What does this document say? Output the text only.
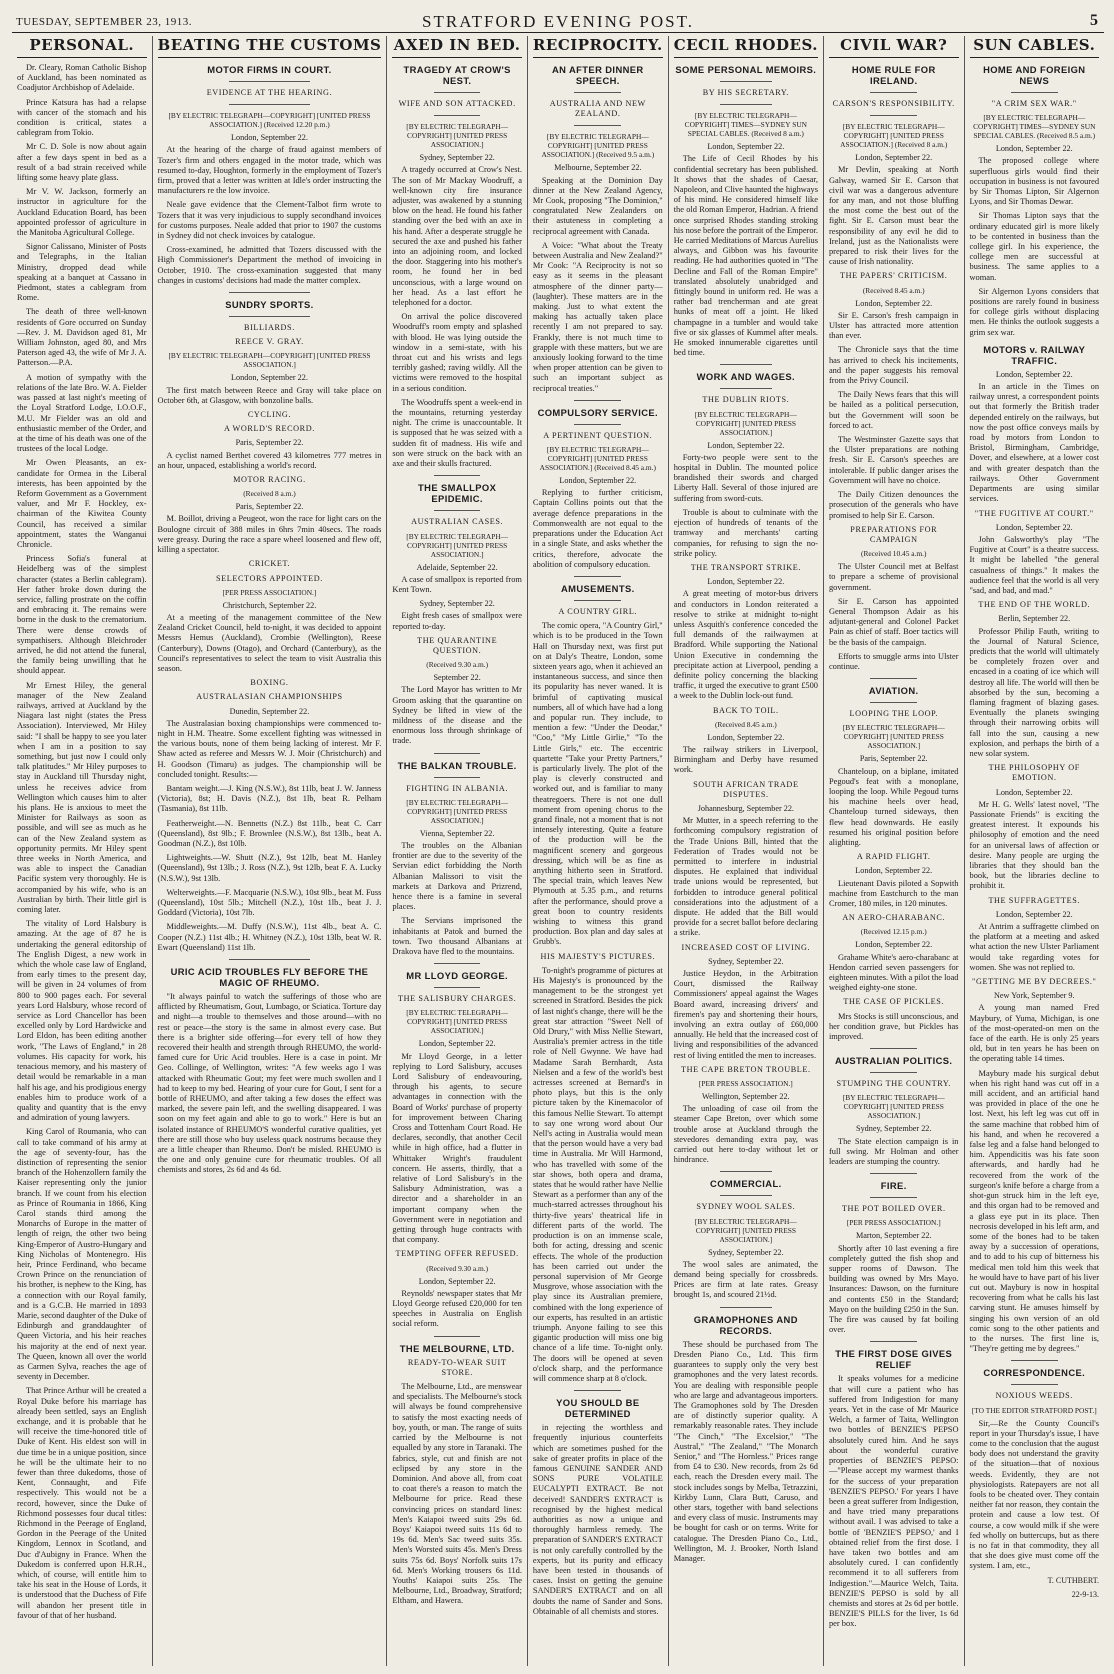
TUESDAY, SEPTEMBER 23, 1913.	STRATFORD EVENING POST.	5
PERSONAL.

Dr. Cleary, Roman Catholic Bishop of Auckland, has been nominated as Coadjutor Archbishop of Adelaide.

Prince Katsura has had a relapse with cancer of the stomach and his condition is critical, states a cablegram from Tokio.

Mr C. D. Sole is now about again after a few days spent in bed as a result of a bad strain received while lifting some heavy plate glass.

Mr V. W. Jackson, formerly an instructor in agriculture for the Auckland Education Board, has been appointed professor of agriculture in the Manitoba Agricultural College.

Signor Calissano, Minister of Posts and Telegraphs, in the Italian Ministry, dropped dead while speaking at a banquet at Cassano in Piedmont, states a cablegram from Rome.

The death of three well-known residents of Gore occurred on Sunday —Rev. J. M. Davidson aged 81, Mr William Johnston, aged 80, and Mrs Paterson aged 43, the wife of Mr J. A. Patterson.—P.A.

A motion of sympathy with the relations of the late Bro. W. A. Fielder was passed at last night's meeting of the Loyal Stratford Lodge, I.O.O.F., M.U. Mr Fielder was an old and enthusiastic member of the Order, and at the time of his death was one of the trustees of the local Lodge.

Mr Owen Pleasants, an ex-candidate for Ormea in the Liberal interests, has been appointed by the Reform Government as a Government valuer, and Mr F. Hockley, ex-chairman of the Kiwitea County Council, has received a similar appointment, states the Wanganui Chronicle.

Princess Sofia's funeral at Heidelberg was of the simplest character (states a Berlin cablegram). Her father broke down during the service, falling prostrate on the coffin and embracing it. The remains were borne in the dusk to the crematorium. There were dense crowds of sympathisers. Although Bleichroder arrived, he did not attend the funeral, the family being unwilling that he should appear.

Mr Ernest Hiley, the general manager of the New Zealand railways, arrived at Auckland by the Niagara last night (states the Press Association). Interviewed, Mr Hiley said: "I shall be happy to see you later when I am in a position to say something, but just now I could only talk platitudes." Mr Hiley purposes to stay in Auckland till Thursday night, unless he receives advice from Wellington which causes him to alter his plans. He is anxious to meet the Minister for Railways as soon as possible, and will see as much as he can of the New Zealand system as opportunity permits. Mr Hiley spent three weeks in North America, and was able to inspect the Canadian Pacific system very thoroughly. He is accompanied by his wife, who is an Australian by birth. Their little girl is coming later.

The vitality of Lord Halsbury is amazing. At the age of 87 he is undertaking the general editorship of The English Digest, a new work in which the whole case law of England, from early times to the present day, will be given in 24 volumes of from 800 to 900 pages each. For several years Lord Halsbury, whose record of service as Lord Chancellor has been excelled only by Lord Hardwicke and Lord Eldon, has been editing another work, "The Laws of England," in 28 volumes. His capacity for work, his tenacious memory, and his mastery of detail would be remarkable in a man half his age, and his prodigious energy enables him to produce work of a quality and quantity that is the envy and admiration of young lawyers.

King Carol of Roumania, who can call to take command of his army at the age of seventy-four, has the distinction of representing the senior branch of the Hohenzollern family the Kaiser representing only the junior branch. If we count from his election as Prince of Roumania in 1866, King Carol stands third among the Monarchs of Europe in the matter of length of reign, the other two being King-Emperor of Austro-Hungary and King Nicholas of Montenegro. His heir, Prince Ferdinand, who became Crown Prince on the renunciation of his brother, is nephew to the King, has a connection with our Royal family, and is a G.C.B. He married in 1893 Marie, second daughter of the Duke of Edinburgh and granddaughter of Queen Victoria, and his heir reaches his majority at the end of next year. The Queen, known all over the world as Carmen Sylva, reaches the age of seventy in December.

That Prince Arthur will be created a Royal Duke before his marriage has already been settled, says an English exchange, and it is probable that he will receive the time-honored title of Duke of Kent. His eldest son will in due time be in a unique position, since he will be the ultimate heir to no fewer than three dukedoms, those of Kent, Connaught, and Fife respectively. This would not be a record, however, since the Duke of Richmond possesses four ducal titles: Richmond in the Peerage of England, Gordon in the Peerage of the United Kingdom, Lennox in Scotland, and Duc d'Aubigny in France. When the Dukedom is conferred upon H.R.H., which, of course, will entitle him to take his seat in the House of Lords, it is understood that the Duchess of Fife will abandon her present title in favour of that of her husband.

BEATING THE CUSTOMS
MOTOR FIRMS IN COURT.
EVIDENCE AT THE HEARING.
[BY ELECTRIC TELEGRAPH—COPYRIGHT] [UNITED PRESS ASSOCIATION.] (Received 12.20 p.m.)
London, September 22.

At the hearing of the charge of fraud against members of Tozer's firm and others engaged in the motor trade, which was resumed to-day, Houghton, formerly in the employment of Tozer's firm, proved that a letter was written at Idle's order instructing the manufacturers re the low invoice.

Neale gave evidence that the Clement-Talbot firm wrote to Tozers that it was very injudicious to supply secondhand invoices for customs purposes. Neale added that prior to 1907 the customs in Sydney did not check invoices by catalogue.

Cross-examined, he admitted that Tozers discussed with the High Commissioner's Department the method of invoicing in October, 1910. The cross-examination suggested that many changes in customs' decisions had made the matter complex.

SUNDRY SPORTS.
BILLIARDS.
REECE V. GRAY.
[BY ELECTRIC TELEGRAPH—COPYRIGHT] [UNITED PRESS ASSOCIATION.]
London, September 22.

The first match between Reece and Gray will take place on October 6th, at Glasgow, with bonzoline balls.

CYCLING.
A WORLD'S RECORD.
Paris, September 22.

A cyclist named Berthet covered 43 kilometres 777 metres in an hour, unpaced, establishing a world's record.

MOTOR RACING.
(Received 8 a.m.)
Paris, September 22.

M. Boillot, driving a Peugeot, won the race for light cars on the Boulogne circuit of 388 miles in 6hrs 7min 40secs. The roads were greasy. During the race a spare wheel loosened and flew off, killing a spectator.

CRICKET.
SELECTORS APPOINTED.
[PER PRESS ASSOCIATION.]
Christchurch, September 22.

At a meeting of the management committee of the New Zealand Cricket Council, held to-night, it was decided to appoint Messrs Hemus (Auckland), Crombie (Wellington), Reese (Canterbury), Downs (Otago), and Orchard (Canterbury), as the Council's representatives to select the team to visit Australia this season.

BOXING.
AUSTRALASIAN CHAMPIONSHIPS
Dunedin, September 22.

The Australasian boxing championships were commenced to-night in H.M. Theatre. Some excellent fighting was witnessed in the various bouts, none of them being lacking of interest. Mr F. Shaw acted as referee and Messrs W. J. Moir (Christchurch) and H. Goodson (Timaru) as judges. The championship will be concluded tonight. Results:—

Bantam weight.—J. King (N.S.W.), 8st 11lb, beat J. W. Janness (Victoria), 8st; H. Davis (N.Z.), 8st 1lb, beat R. Pelham (Tasmania), 8st 11lb.

Featherweight.—N. Bennetts (N.Z.) 8st 11lb., beat C. Carr (Queensland), 8st 9lb.; F. Brownlee (N.S.W.), 8st 13lb., beat A. Goodman (N.Z.), 8st 10lb.

Lightweights.—W. Shutt (N.Z.), 9st 12lb, beat M. Hanley (Queensland), 9st 13lb.; J. Ross (N.Z.), 9st 12lb, beat F. A. Lucky (N.S.W.), 9st 13lb.

Welterweights.—F. Macquarie (N.S.W.), 10st 9lb., beat M. Fuss (Queensland), 10st 5lb.; Mitchell (N.Z.), 10st 1lb., beat J. J. Goddard (Victoria), 10st 7lb.

Middleweights.—M. Duffy (N.S.W.), 11st 4lb., beat A. C. Cooper (N.Z.) 11st 4lb.; H. Whitney (N.Z.), 10st 13lb, beat W. R. Ewart (Queensland) 11st 1lb.

URIC ACID TROUBLES FLY BEFORE THE MAGIC OF RHEUMO.

"It always painful to watch the sufferings of those who are afflicted by Rheumatism, Gout, Lumbago, or Sciatica. Torture day and night—a trouble to themselves and those around—with no rest or peace—the story is the same in almost every case. But there is a brighter side offering—for every tell of how they recovered their health and strength through RHEUMO, the world-famed cure for Uric Acid troubles. Here is a case in point. Mr Geo. Collinge, of Wellington, writes: "A few weeks ago I was attacked with Rheumatic Gout; my feet were much swollen and I had to keep to my bed. Hearing of your cure for Gout, I sent for a bottle of RHEUMO, and after taking a few doses the effect was marked, the severe pain left, and the swelling disappeared. I was soon on my feet again and able to go to work." Here is but an isolated instance of RHEUMO'S wonderful curative qualities, yet there are still those who buy useless quack nostrums because they are a little cheaper than Rheumo. Don't be misled. RHEUMO is the one and only genuine cure for rheumatic troubles. Of all chemists and stores, 2s 6d and 4s 6d.

AXED IN BED.
TRAGEDY AT CROW'S NEST.
WIFE AND SON ATTACKED.
[BY ELECTRIC TELEGRAPH—COPYRIGHT] [UNITED PRESS ASSOCIATION.]
Sydney, September 22.

A tragedy occurred at Crow's Nest. The son of Mr Mackay Woodruff, a well-known city fire insurance adjuster, was awakened by a stunning blow on the head. He found his father standing over the bed with an axe in his hand. After a desperate struggle he secured the axe and pushed his father into an adjoining room, and locked the door. Staggering into his mother's room, he found her in bed unconscious, with a large wound on her head. As a last effort he telephoned for a doctor.

On arrival the police discovered Woodruff's room empty and splashed with blood. He was lying outside the window in a semi-state, with his throat cut and his wrists and legs terribly gashed; raving wildly. All the victims were removed to the hospital in a serious condition.

The Woodruffs spent a week-end in the mountains, returning yesterday night. The crime is unaccountable. It is supposed that he was seized with a sudden fit of madness. His wife and son were struck on the back with an axe and their skulls fractured.

THE SMALLPOX EPIDEMIC.
AUSTRALIAN CASES.
[BY ELECTRIC TELEGRAPH—COPYRIGHT] [UNITED PRESS ASSOCIATION.]
Adelaide, September 22.

A case of smallpox is reported from Kent Town.

Sydney, September 22.

Eight fresh cases of smallpox were reported to-day.

THE QUARANTINE QUESTION.
(Received 9.30 a.m.)
September 22.

The Lord Mayor has written to Mr Groom asking that the quarantine on Sydney be lifted in view of the mildness of the disease and the enormous loss through shrinkage of trade.

THE BALKAN TROUBLE.
FIGHTING IN ALBANIA.
[BY ELECTRIC TELEGRAPH—COPYRIGHT] [UNITED PRESS ASSOCIATION.]
Vienna, September 22.

The troubles on the Albanian frontier are due to the severity of the Servian edict forbidding the North Albanian Malissori to visit the markets at Darkova and Prizrend, hence there is a famine in several places.

The Servians imprisoned the inhabitants at Patok and burned the town. Two thousand Albanians at Drakova have fled to the mountains.

MR LLOYD GEORGE.
THE SALISBURY CHARGES.
[BY ELECTRIC TELEGRAPH—COPYRIGHT] [UNITED PRESS ASSOCIATION.]
London, September 22.

Mr Lloyd George, in a letter replying to Lord Salisbury, accuses Lord Salisbury of endeavouring, through his agents, to secure advantages in connection with the Board of Works' purchase of property for improvement between Charing Cross and Tottenham Court Road. He declares, secondly, that another Cecil while in high office, had a flutter in Whittaker Wright's fraudulent concern. He asserts, thirdly, that a relative of Lord Salisbury's in the Salisbury Administration, was a director and a shareholder in an important company when the Government were in negotiation and getting through huge contracts with that company.

TEMPTING OFFER REFUSED.
(Received 9.30 a.m.)
London, September 22.

Reynolds' newspaper states that Mr Lloyd George refused £20,000 for ten speeches in Australia on English social reform.

THE MELBOURNE, LTD.
READY-TO-WEAR SUIT STORE.

The Melbourne, Ltd., are menswear and specialists. The Melbourne's stock will always be found comprehensive to satisfy the most exacting needs of boy, youth, or man. The range of suits carried by the Melbourne is not equalled by any store in Taranaki. The fabrics, style, cut and finish are not eclipsed by any store in the Dominion. And above all, from coat to coat there's a reason to match the Melbourne for price. Read these convincing prices on standard lines: Men's Kaiapoi tweed suits 29s 6d. Boys' Kaiapoi tweed suits 11s 6d to 19s 6d. Men's Sac tweed suits 35s. Men's Worsted suits 45s. Men's Dress suits 75s 6d. Boys' Norfolk suits 17s 6d. Men's Working trousers 6s 11d. Youths' Kaiapoi suits 25s. The Melbourne, Ltd., Broadway, Stratford; Eltham, and Hawera.

RECIPROCITY.
AN AFTER DINNER SPEECH.
AUSTRALIA AND NEW ZEALAND.
[BY ELECTRIC TELEGRAPH—COPYRIGHT] [UNITED PRESS ASSOCIATION.] (Received 9.5 a.m.)
Melbourne, September 22.

Speaking at the Dominion Day dinner at the New Zealand Agency, Mr Cook, proposing "The Dominion," congratulated New Zealanders on their astuteness in completing a reciprocal agreement with Canada.

A Voice: "What about the Treaty between Australia and New Zealand?" Mr Cook: "A Reciprocity is not so easy as it seems in the pleasant atmosphere of the dinner party—(laughter). These matters are in the making. Just to what extent the making has actually taken place recently I am not prepared to say. Frankly, there is not much time to grapple with these matters, but we are anxiously looking forward to the time when proper attention can be given to such an important subject as reciprocal treaties."

COMPULSORY SERVICE.
A PERTINENT QUESTION.
[BY ELECTRIC TELEGRAPH—COPYRIGHT] [UNITED PRESS ASSOCIATION.] (Received 8.45 a.m.)
London, September 22.

Replying to further criticism, Captain Collins points out that the average defence preparations in the Commonwealth are not equal to the preparations under the Education Act in a single State, and asks whether the critics, therefore, advocate the abolition of compulsory education.

AMUSEMENTS.
A COUNTRY GIRL.

The comic opera, "A Country Girl," which is to be produced in the Town Hall on Thursday next, was first put on at Daly's Theatre, London, some sixteen years ago, when it achieved an instantaneous success, and since then its popularity has never waned. It is brimful of captivating musical numbers, all of which have had a long and popular run. They include, to mention a few: "Under the Deodar," "Coo," "My Little Girlie," "To the Little Girls," etc. The eccentric quartette "Take your Pretty Partners," is particularly lively. The plot of the play is cleverly constructed and worked out, and is familiar to many theatregoers. There is not one dull moment from opening chorus to the grand finale, not a moment that is not intensely interesting. Quite a feature of the production will be the magnificent scenery and gorgeous dressing, which will be as fine as anything hitherto seen in Stratford. The special train, which leaves New Plymouth at 5.35 p.m., and returns after the performance, should prove a great boon to country residents wishing to witness this grand production. Box plan and day sales at Grubb's.

HIS MAJESTY'S PICTURES.

To-night's programme of pictures at His Majesty's is pronounced by the management to be the strongest yet screened in Stratford. Besides the pick of last night's change, there will be the great star attraction "Sweet Nell of Old Drury," with Miss Nellie Stewart, Australia's premier actress in the title role of Nell Gwynne. We have had Madame Sarah Bernhardt, Asta Nielsen and a few of the world's best actresses screened at Bernard's in photo plays, but this is the only picture taken by the Kinemacolor of this famous Nellie Stewart. To attempt to say one wrong word about Our Nell's acting in Australia would mean that the person would have a very bad time in Australia. Mr Will Harmond, who has travelled with some of the star shows, both opera and drama, states that he would rather have Nellie Stewart as a performer than any of the much-starred actresses throughout his thirty-five years' theatrical life in different parts of the world. The production is on an immense scale, both for acting, dressing and scenic effects. The whole of the production has been carried out under the personal supervision of Mr George Musgrove, whose association with the play since its Australian premiere, combined with the long experience of our experts, has resulted in an artistic triumph. Anyone failing to see this gigantic production will miss one big chance of a life time. To-night only. The doors will be opened at seven o'clock sharp, and the performance will commence sharp at 8 o'clock.

YOU SHOULD BE DETERMINED

in rejecting the worthless and frequently injurious counterfeits which are sometimes pushed for the sake of greater profits in place of the famous GENUINE SANDER AND SONS PURE VOLATILE EUCALYPTI EXTRACT. Be not deceived! SANDER'S EXTRACT is recognised by the highest medical authorities as now a unique and thoroughly harmless remedy. The preparation of SANDER'S EXTRACT is not only carefully controlled by the experts, but its purity and efficacy have been tested in thousands of cases. Insist on getting the genuine SANDER'S EXTRACT and on all doubts the name of Sander and Sons. Obtainable of all chemists and stores.

CECIL RHODES.
SOME PERSONAL MEMOIRS.
BY HIS SECRETARY.
[BY ELECTRIC TELEGRAPH—COPYRIGHT] TIMES—SYDNEY SUN SPECIAL CABLES. (Received 8 a.m.)
London, September 22.

The Life of Cecil Rhodes by his confidential secretary has been published. It shows that the shades of Caesar, Napoleon, and Clive haunted the highways of his mind. He considered himself like the old Roman Emperor, Hadrian. A friend once surprised Rhodes standing stroking his nose before the portrait of the Emperor. He carried Meditations of Marcus Aurelius always, and Gibbon was his favourite reading. He had authorities quoted in "The Decline and Fall of the Roman Empire" translated absolutely unabridged and fittingly bound in uniform red. He was a rather bad trencherman and ate great hunks of meat off a joint. He liked champagne in a tumbler and would take five or six glasses of Kummel after meals. He smoked innumerable cigarettes until bed time.

WORK AND WAGES.
THE DUBLIN RIOTS.
[BY ELECTRIC TELEGRAPH—COPYRIGHT] [UNITED PRESS ASSOCIATION.]
London, September 22.

Forty-two people were sent to the hospital in Dublin. The mounted police brandished their swords and charged Liberty Hall. Several of those injured are suffering from sword-cuts.

Trouble is about to culminate with the ejection of hundreds of tenants of the tramway and merchants' carting companies, for refusing to sign the no-strike policy.

THE TRANSPORT STRIKE.
London, September 22.

A great meeting of motor-bus drivers and conductors in London reiterated a resolve to strike at midnight to-night unless Asquith's conference conceded the full demands of the railwaymen at Bradford. While supporting the National Union Executive in condemning the precipitate action at Liverpool, pending a definite policy concerning the blacking traffic, it urged the executive to grant £500 a week to the Dublin lock-out fund.

BACK TO TOIL.
(Received 8.45 a.m.)
London, September 22.

The railway strikers in Liverpool, Birmingham and Derby have resumed work.

SOUTH AFRICAN TRADE DISPUTES.
Johannesburg, September 22.

Mr Mutter, in a speech referring to the forthcoming compulsory registration of the Trade Unions Bill, hinted that the Federation of Trades would not be permitted to interfere in industrial disputes. He explained that individual trade unions would be represented, but forbidden to introduce general political considerations into the adjustment of a dispute. He added that the Bill would provide for a secret ballot before declaring a strike.

INCREASED COST OF LIVING.
Sydney, September 22.

Justice Heydon, in the Arbitration Court, dismissed the Railway Commissioners' appeal against the Wages Board award, increasing drivers' and firemen's pay and shortening their hours, involving an extra outlay of £60,000 annually. He held that the increased cost of living and responsibilities of the advanced rest of living entitled the men to increases.

THE CAPE BRETON TROUBLE.
[PER PRESS ASSOCIATION.]
Wellington, September 22.

The unloading of case oil from the steamer Cape Breton, over which some trouble arose at Auckland through the stevedores demanding extra pay, was carried out here to-day without let or hindrance.

COMMERCIAL.
SYDNEY WOOL SALES.
[BY ELECTRIC TELEGRAPH—COPYRIGHT] [UNITED PRESS ASSOCIATION.]
Sydney, September 22.

The wool sales are animated, the demand being specially for crossbreds. Prices are firm at late rates. Greasy brought 1s, and scoured 21½d.

GRAMOPHONES AND RECORDS.

These should be purchased from The Dresden Piano Co., Ltd. This firm guarantees to supply only the very best gramophones and the very latest records. You are dealing with responsible people who are large and advantageous importers. The Gramophones sold by The Dresden are of distinctly superior quality. A remarkably reasonable rates. They include "The Cinch," "The Excelsior," "The Austral," "The Zealand," "The Monarch Senior," and "The Hornless." Prices range from £4 to £30. New records, from 2s 6d each, reach the Dresden every mail. The stock includes songs by Melba, Tetrazzini, Kirkby Lunn, Clara Butt, Caruso, and other stars, together with band selections and every class of music. Instruments may be bought for cash or on terms. Write for catalogue. The Dresden Piano Co., Ltd., Wellington, M. J. Brooker, North Island Manager.

CIVIL WAR?
HOME RULE FOR IRELAND.
CARSON'S RESPONSIBILITY.
[BY ELECTRIC TELEGRAPH—COPYRIGHT] [UNITED PRESS ASSOCIATION.] (Received 8 a.m.)
London, September 22.

Mr Devlin, speaking at North Galway, warned Sir E. Carson that civil war was a dangerous adventure for any man, and not those bluffing the most come the best out of the fight. Sir E. Carson must bear the responsibility of any evil he did to Ireland, just as the Nationalists were prepared to risk their lives for the cause of Irish nationality.

THE PAPERS' CRITICISM.
(Received 8.45 a.m.)
London, September 22.

Sir E. Carson's fresh campaign in Ulster has attracted more attention than ever.

The Chronicle says that the time has arrived to check his incitements, and the paper suggests his removal from the Privy Council.

The Daily News fears that this will be hailed as a political persecution, but the Government will soon be forced to act.

The Westminster Gazette says that the Ulster preparations are nothing fresh. Sir E. Carson's speeches are intolerable. If public danger arises the Government will have no choice.

The Daily Citizen denounces the prosecution of the generals who have promised to help Sir E. Carson.

PREPARATIONS FOR CAMPAIGN
(Received 10.45 a.m.)

The Ulster Council met at Belfast to prepare a scheme of provisional government.

Sir E. Carson has appointed General Thompson Adair as his adjutant-general and Colonel Packet Pain as chief of staff. Boer tactics will be the basis of the campaign.

Efforts to smuggle arms into Ulster continue.

AVIATION.
LOOPING THE LOOP.
[BY ELECTRIC TELEGRAPH—COPYRIGHT] [UNITED PRESS ASSOCIATION.]
Paris, September 22.

Chanteloup, on a biplane, imitated Pegoud's feat with a monoplane, looping the loop. While Pegoud turns his machine heels over head, Chanteloup turned sideways, then flew head downwards. He easily resumed his original position before alighting.

A RAPID FLIGHT.
London, September 22.

Lieutenant Davis piloted a Sopwith machine from Eastchurch to the man Cromer, 180 miles, in 120 minutes.

AN AERO-CHARABANC.
(Received 12.15 p.m.)
London, September 22.

Grahame White's aero-charabanc at Hendon carried seven passengers for eighteen minutes. With a pilot the load weighed eighty-one stone.

THE CASE OF PICKLES.

Mrs Stocks is still unconscious, and her condition grave, but Pickles has improved.

AUSTRALIAN POLITICS.
STUMPING THE COUNTRY.
[BY ELECTRIC TELEGRAPH—COPYRIGHT] [UNITED PRESS ASSOCIATION.]
Sydney, September 22.

The State election campaign is in full swing. Mr Holman and other leaders are stumping the country.

FIRE.
THE POT BOILED OVER.
[PER PRESS ASSOCIATION.]
Marton, September 22.

Shortly after 10 last evening a fire completely gutted the fish shop and supper rooms of Dawson. The building was owned by Mrs Mayo. Insurances: Dawson, on the furniture and contents £50 in the Standard; Mayo on the building £250 in the Sun. The fire was caused by fat boiling over.

THE FIRST DOSE GIVES RELIEF

It speaks volumes for a medicine that will cure a patient who has suffered from Indigestion for many years. Yet in the case of Mr Maurice Welch, a farmer of Taita, Wellington two bottles of BENZIE'S PEPSO absolutely cured him. And he says about the wonderful curative properties of BENZIE'S PEPSO:—"Please accept my warmest thanks for the success of your preparation 'BENZIE'S PEPSO.' For years I have been a great sufferer from Indigestion, and have tried many preparations without avail. I was advised to take a bottle of 'BENZIE'S PEPSO,' and I obtained relief from the first dose. I have taken two bottles and am absolutely cured. I can confidently recommend it to all sufferers from Indigestion."—Maurice Welch, Taita. BENZIE'S PEPSO is sold by all chemists and stores at 2s 6d per bottle. BENZIE'S PILLS for the liver, 1s 6d per box.

SUN CABLES.
HOME AND FOREIGN NEWS
"A CRIM SEX WAR."
[BY ELECTRIC TELEGRAPH—COPYRIGHT] TIMES—SYDNEY SUN SPECIAL CABLES. (Received 8.5 a.m.)
London, September 22.

The proposed college where superfluous girls would find their occupation in business is not favoured by Sir Thomas Lipton, Sir Algernon Lyons, and Sir Thomas Dewar.

Sir Thomas Lipton says that the ordinary educated girl is more likely to be contented in business than the college girl. In his experience, the college men are successful at business. The same applies to a woman.

Sir Algernon Lyons considers that positions are rarely found in business for college girls without displacing men. He thinks the outlook suggests a grim sex war.

MOTORS v. RAILWAY TRAFFIC.
London, September 22.

In an article in the Times on railway unrest, a correspondent points out that formerly the British trader depended entirely on the railways, but now the post office conveys mails by road by motors from London to Bristol, Birmingham, Cambridge, Dover, and elsewhere, at a lower cost and with greater despatch than the railways. Other Government Departments are using similar services.

"THE FUGITIVE AT COURT."
London, September 22.

John Galsworthy's play "The Fugitive at Court" is a theatre success. It might be labelled "the general casualness of things." It makes the audience feel that the world is all very "sad, and bad, and mad."

THE END OF THE WORLD.
Berlin, September 22.

Professor Philip Fauth, writing to the Journal of Natural Science, predicts that the world will ultimately be completely frozen over and encased in a coating of ice which will destroy all life. The world will then be absorbed by the sun, becoming a flaming fragment of blazing gases. Eventually the planets swinging through their narrowing orbits will fall into the sun, causing a new explosion, and perhaps the birth of a new solar system.

THE PHILOSOPHY OF EMOTION.
London, September 22.

Mr H. G. Wells' latest novel, "The Passionate Friends" is exciting the greatest interest. It expounds his philosophy of emotion and the need for an universal laws of affection or desire. Many people are urging the libraries that they should ban the book, but the libraries decline to prohibit it.

THE SUFFRAGETTES.
London, September 22.

At Antrim a suffragette climbed on the platform at a meeting and asked what action the new Ulster Parliament would take regarding votes for women. She was not replied to.

"GETTING ME BY DECREES."
New York, September 9.

A young man named Fred Maybury, of Yuma, Michigan, is one of the most-operated-on men on the face of the earth. He is only 25 years old, but in ten years he has been on the operating table 14 times.

Maybury made his surgical debut when his right hand was cut off in a mill accident, and an artificial hand was provided in place of the one he lost. Next, his left leg was cut off in the same machine that robbed him of his hand, and when he recovered a false leg and a false hand belonged to him. Appendicitis was his fate soon afterwards, and hardly had he recovered from the work of the surgeon's knife before a charge from a shot-gun struck him in the left eye, and this organ had to be removed and a glass eye put in its place. Then necrosis developed in his left arm, and some of the bones had to be taken away by a succession of operations, and to add to his cup of bitterness his medical men told him this week that he would have to have part of his liver cut out. Maybury is now in hospital recovering from what he calls his last carving stunt. He amuses himself by singing his own version of an old comic song to the other patients and to the nurses. The first line is, "They're getting me by degrees."

CORRESPONDENCE.
NOXIOUS WEEDS.
[TO THE EDITOR STRATFORD POST.]

Sir,—Re the County Council's report in your Thursday's issue, I have come to the conclusion that the august body does not understand the gravity of the situation—that of noxious weeds. Evidently, they are not physiologists. Ratepayers are not all fools to be cheated over. They contain neither fat nor reason, they contain the protein and cause a low test. Of course, a cow would milk if she were fed wholly on buttercups, but as there is no fat in that commodity, they all that she does give must come off the system. I am, etc.,

T. CUTHBERT.
22-9-13.
